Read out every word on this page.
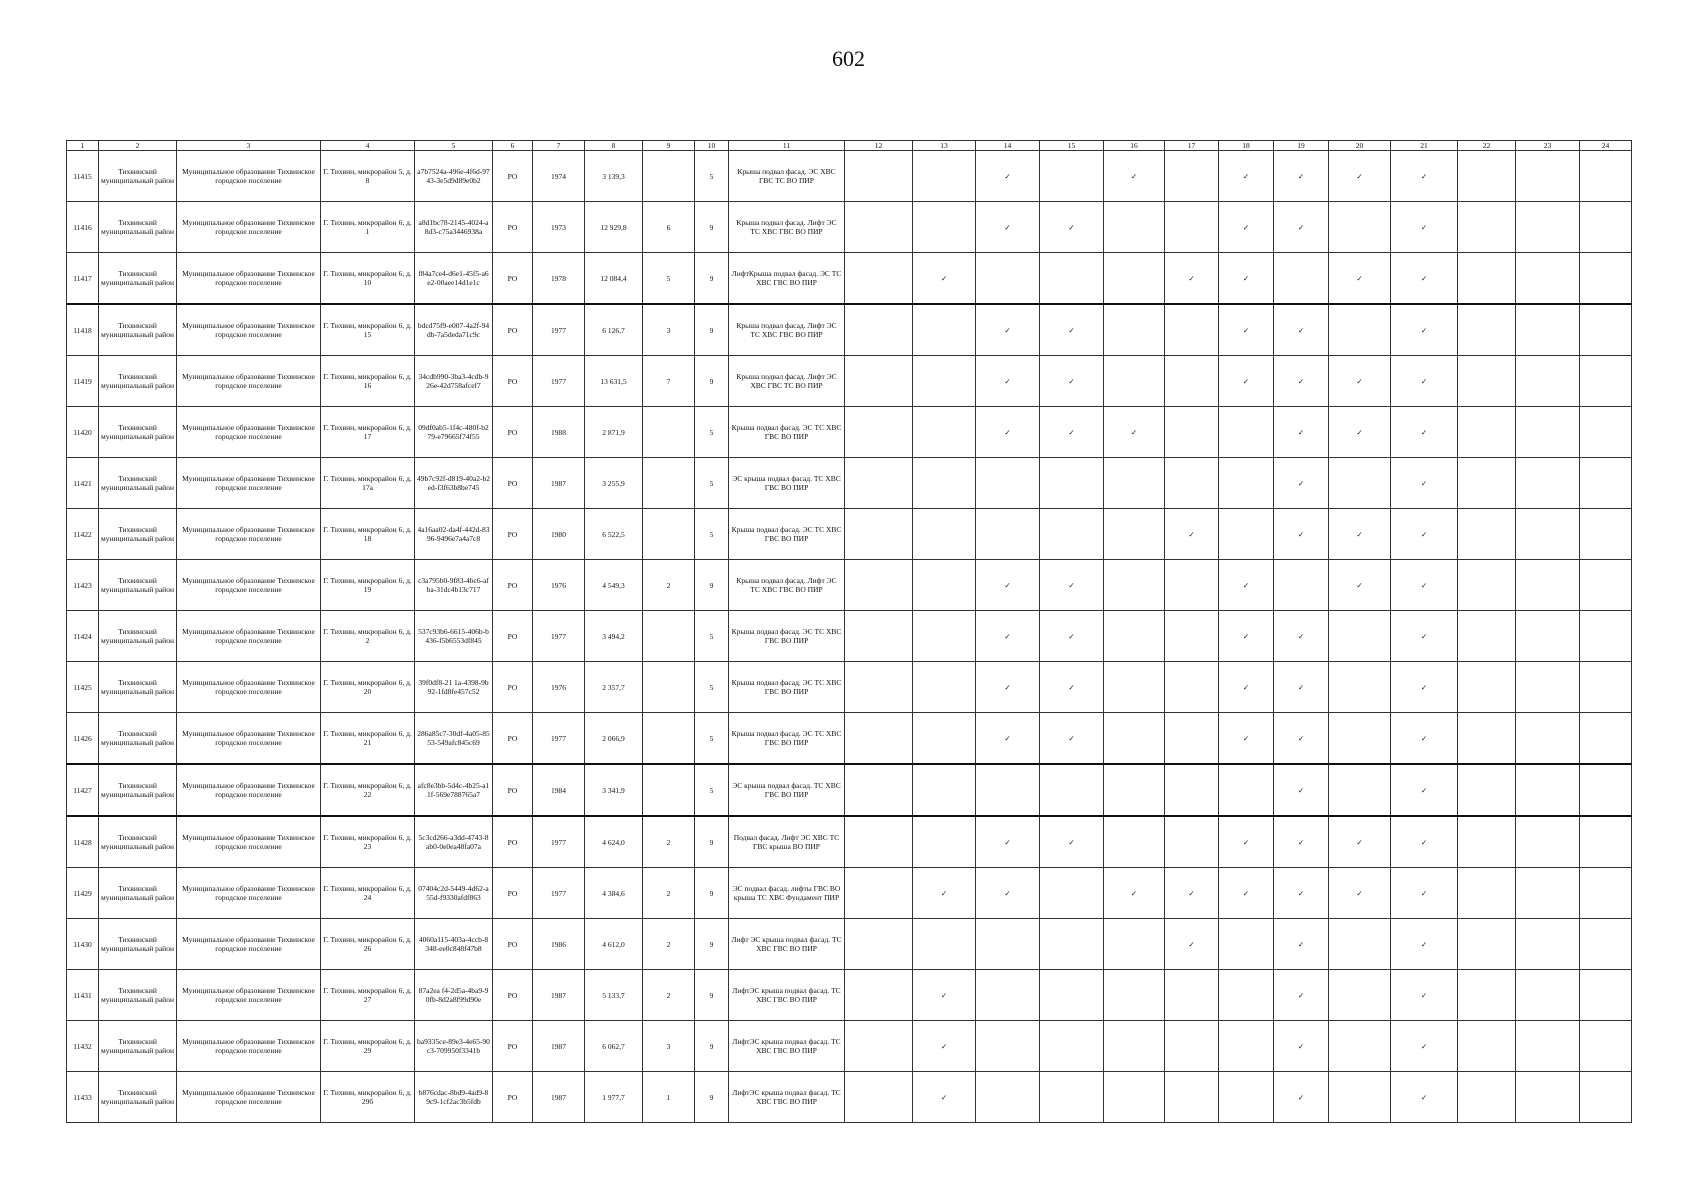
602
1	2	3	4	5	6	7	8	9	10	11	12	13	14	15	16	17	18	19	20	21	22	23	24
11415	Тихвинский муниципальный район	Муниципальное образование Тихвинское городское поселение	Г. Тихвин, микрорайон 5, д. 8	a7b7524a-496e-4f6d-9743-3e5d9d89e0b2	РО	1974	3 139,3		5	Крыша подвал фасад. ЭС ХВС ГВС ТС ВО ПИР			✓		✓		✓	✓	✓	✓			
11416	Тихвинский муниципальный район	Муниципальное образование Тихвинское городское поселение	Г. Тихвин, микрорайон 6, д. 1	a8d1bc78-2145-4024-a8d3-c75a3446938a	РО	1973	12 929,8	6	9	Крыша подвал фасад. Лифт ЭС ТС ХВС ГВС ВО ПИР			✓	✓			✓	✓		✓			
11417	Тихвинский муниципальный район	Муниципальное образование Тихвинское городское поселение	Г. Тихвин, микрорайон 6, д. 10	f84a7ce4-d6e1-45f5-a6e2-00aee14d1e1c	РО	1978	12 084,4	5	9	ЛифтКрыша подвал фасад. ЭС ТС ХВС ГВС ВО ПИР		✓				✓	✓		✓	✓			
11418	Тихвинский муниципальный район	Муниципальное образование Тихвинское городское поселение	Г. Тихвин, микрорайон 6, д. 15	bdcd75f9-e007-4a2f-94db-7a5deda71c9c	РО	1977	6 126,7	3	9	Крыша подвал фасад. Лифт ЭС ТС ХВС ГВС ВО ПИР			✓	✓			✓	✓		✓			
11419	Тихвинский муниципальный район	Муниципальное образование Тихвинское городское поселение	Г. Тихвин, микрорайон 6, д. 16	34cdb990-3ba3-4cdb-926e-42d758afcef7	РО	1977	13 631,5	7	9	Крыша подвал фасад. Лифт ЭС ХВС ГВС ТС ВО ПИР			✓	✓			✓	✓	✓	✓			
11420	Тихвинский муниципальный район	Муниципальное образование Тихвинское городское поселение	Г. Тихвин, микрорайон 6, д. 17	09df0ab5-1f4c-480f-b279-e79665f74f55	РО	1988	2 871,9		5	Крыша подвал фасад. ЭС ТС ХВС ГВС ВО ПИР			✓	✓	✓			✓	✓	✓			
11421	Тихвинский муниципальный район	Муниципальное образование Тихвинское городское поселение	Г. Тихвин, микрорайон 6, д. 17а	49b7c92f-d819-40a2-b2ed-f3f63b8be745	РО	1987	3 255,9		5	ЭС крыша подвал фасад. ТС ХВС ГВС ВО ПИР								✓		✓			
11422	Тихвинский муниципальный район	Муниципальное образование Тихвинское городское поселение	Г. Тихвин, микрорайон 6, д. 18	4a16aa02-da4f-442d-8396-9496e7a4a7c8	РО	1980	6 522,5		5	Крыша подвал фасад. ЭС ТС ХВС ГВС ВО ПИР						✓		✓	✓	✓			
11423	Тихвинский муниципальный район	Муниципальное образование Тихвинское городское поселение	Г. Тихвин, микрорайон 6, д. 19	c3a795b0-9f83-4bc6-afba-31dc4b13c717	РО	1976	4 549,3	2	9	Крыша подвал фасад. Лифт ЭС ТС ХВС ГВС ВО ПИР			✓	✓			✓		✓	✓			
11424	Тихвинский муниципальный район	Муниципальное образование Тихвинское городское поселение	Г. Тихвин, микрорайон 6, д. 2	537c93b6-6615-406b-b436-f5b6553df845	РО	1977	3 494,2		5	Крыша подвал фасад. ЭС ТС ХВС ГВС ВО ПИР			✓	✓			✓	✓		✓			
11425	Тихвинский муниципальный район	Муниципальное образование Тихвинское городское поселение	Г. Тихвин, микрорайон 6, д. 20	39f0df8-21 1a-4398-9b92-1fd8fe457c52	РО	1976	2 357,7		5	Крыша подвал фасад. ЭС ТС ХВС ГВС ВО ПИР			✓	✓			✓	✓		✓			
11426	Тихвинский муниципальный район	Муниципальное образование Тихвинское городское поселение	Г. Тихвин, микрорайон 6, д. 21	286a85c7-30df-4a05-8553-549afc845c69	РО	1977	2 066,9		5	Крыша подвал фасад. ЭС ТС ХВС ГВС ВО ПИР			✓	✓			✓	✓		✓			
11427	Тихвинский муниципальный район	Муниципальное образование Тихвинское городское поселение	Г. Тихвин, микрорайон 6, д. 22	afc8e3bb-5d4c-4b25-a11f-569e788765a7	РО	1984	3 341,9		5	ЭС крыша подвал фасад. ТС ХВС ГВС ВО ПИР								✓		✓			
11428	Тихвинский муниципальный район	Муниципальное образование Тихвинское городское поселение	Г. Тихвин, микрорайон 6, д. 23	5c3cd266-a3dd-4743-8ab0-0e0ea48fa07a	РО	1977	4 624,0	2	9	Подвал фасад. Лифт ЭС ХВС ТС ГВС крыша ВО ПИР			✓	✓			✓	✓	✓	✓			
11429	Тихвинский муниципальный район	Муниципальное образование Тихвинское городское поселение	Г. Тихвин, микрорайон 6, д. 24	07404c2d-5449-4d62-a55d-f9330afdf863	РО	1977	4 384,6	2	9	ЭС подвал фасад. лифты ГВС ВО крыша ТС ХВС Фундамент ПИР		✓	✓		✓	✓	✓	✓	✓	✓			
11430	Тихвинский муниципальный район	Муниципальное образование Тихвинское городское поселение	Г. Тихвин, микрорайон 6, д. 26	4060a115-403a-4ccb-8348-ee0c848f47b8	РО	1986	4 612,0	2	9	Лифт ЭС крыша подвал фасад. ТС ХВС ГВС ВО ПИР						✓		✓		✓			
11431	Тихвинский муниципальный район	Муниципальное образование Тихвинское городское поселение	Г. Тихвин, микрорайон 6, д. 27	87a2ea f4-2d5a-4ba9-90fb-8d2a8f99d90e	РО	1987	5 133,7	2	9	ЛифтЭС крыша подвал фасад. ТС ХВС ГВС ВО ПИР		✓						✓		✓			
11432	Тихвинский муниципальный район	Муниципальное образование Тихвинское городское поселение	Г. Тихвин, микрорайон 6, д. 29	ba9335ce-89e3-4e65-90c3-709950f3341b	РО	1987	6 062,7	3	9	ЛифтЭС крыша подвал фасад. ТС ХВС ГВС ВО ПИР		✓						✓		✓			
11433	Тихвинский муниципальный район	Муниципальное образование Тихвинское городское поселение	Г. Тихвин, микрорайон 6, д. 29б	b876cdac-8bd9-4ad9-89c9-1cf2ac3b5fdb	РО	1987	1 977,7	1	9	ЛифтЭС крыша подвал фасад. ТС ХВС ГВС ВО ПИР		✓						✓		✓			
